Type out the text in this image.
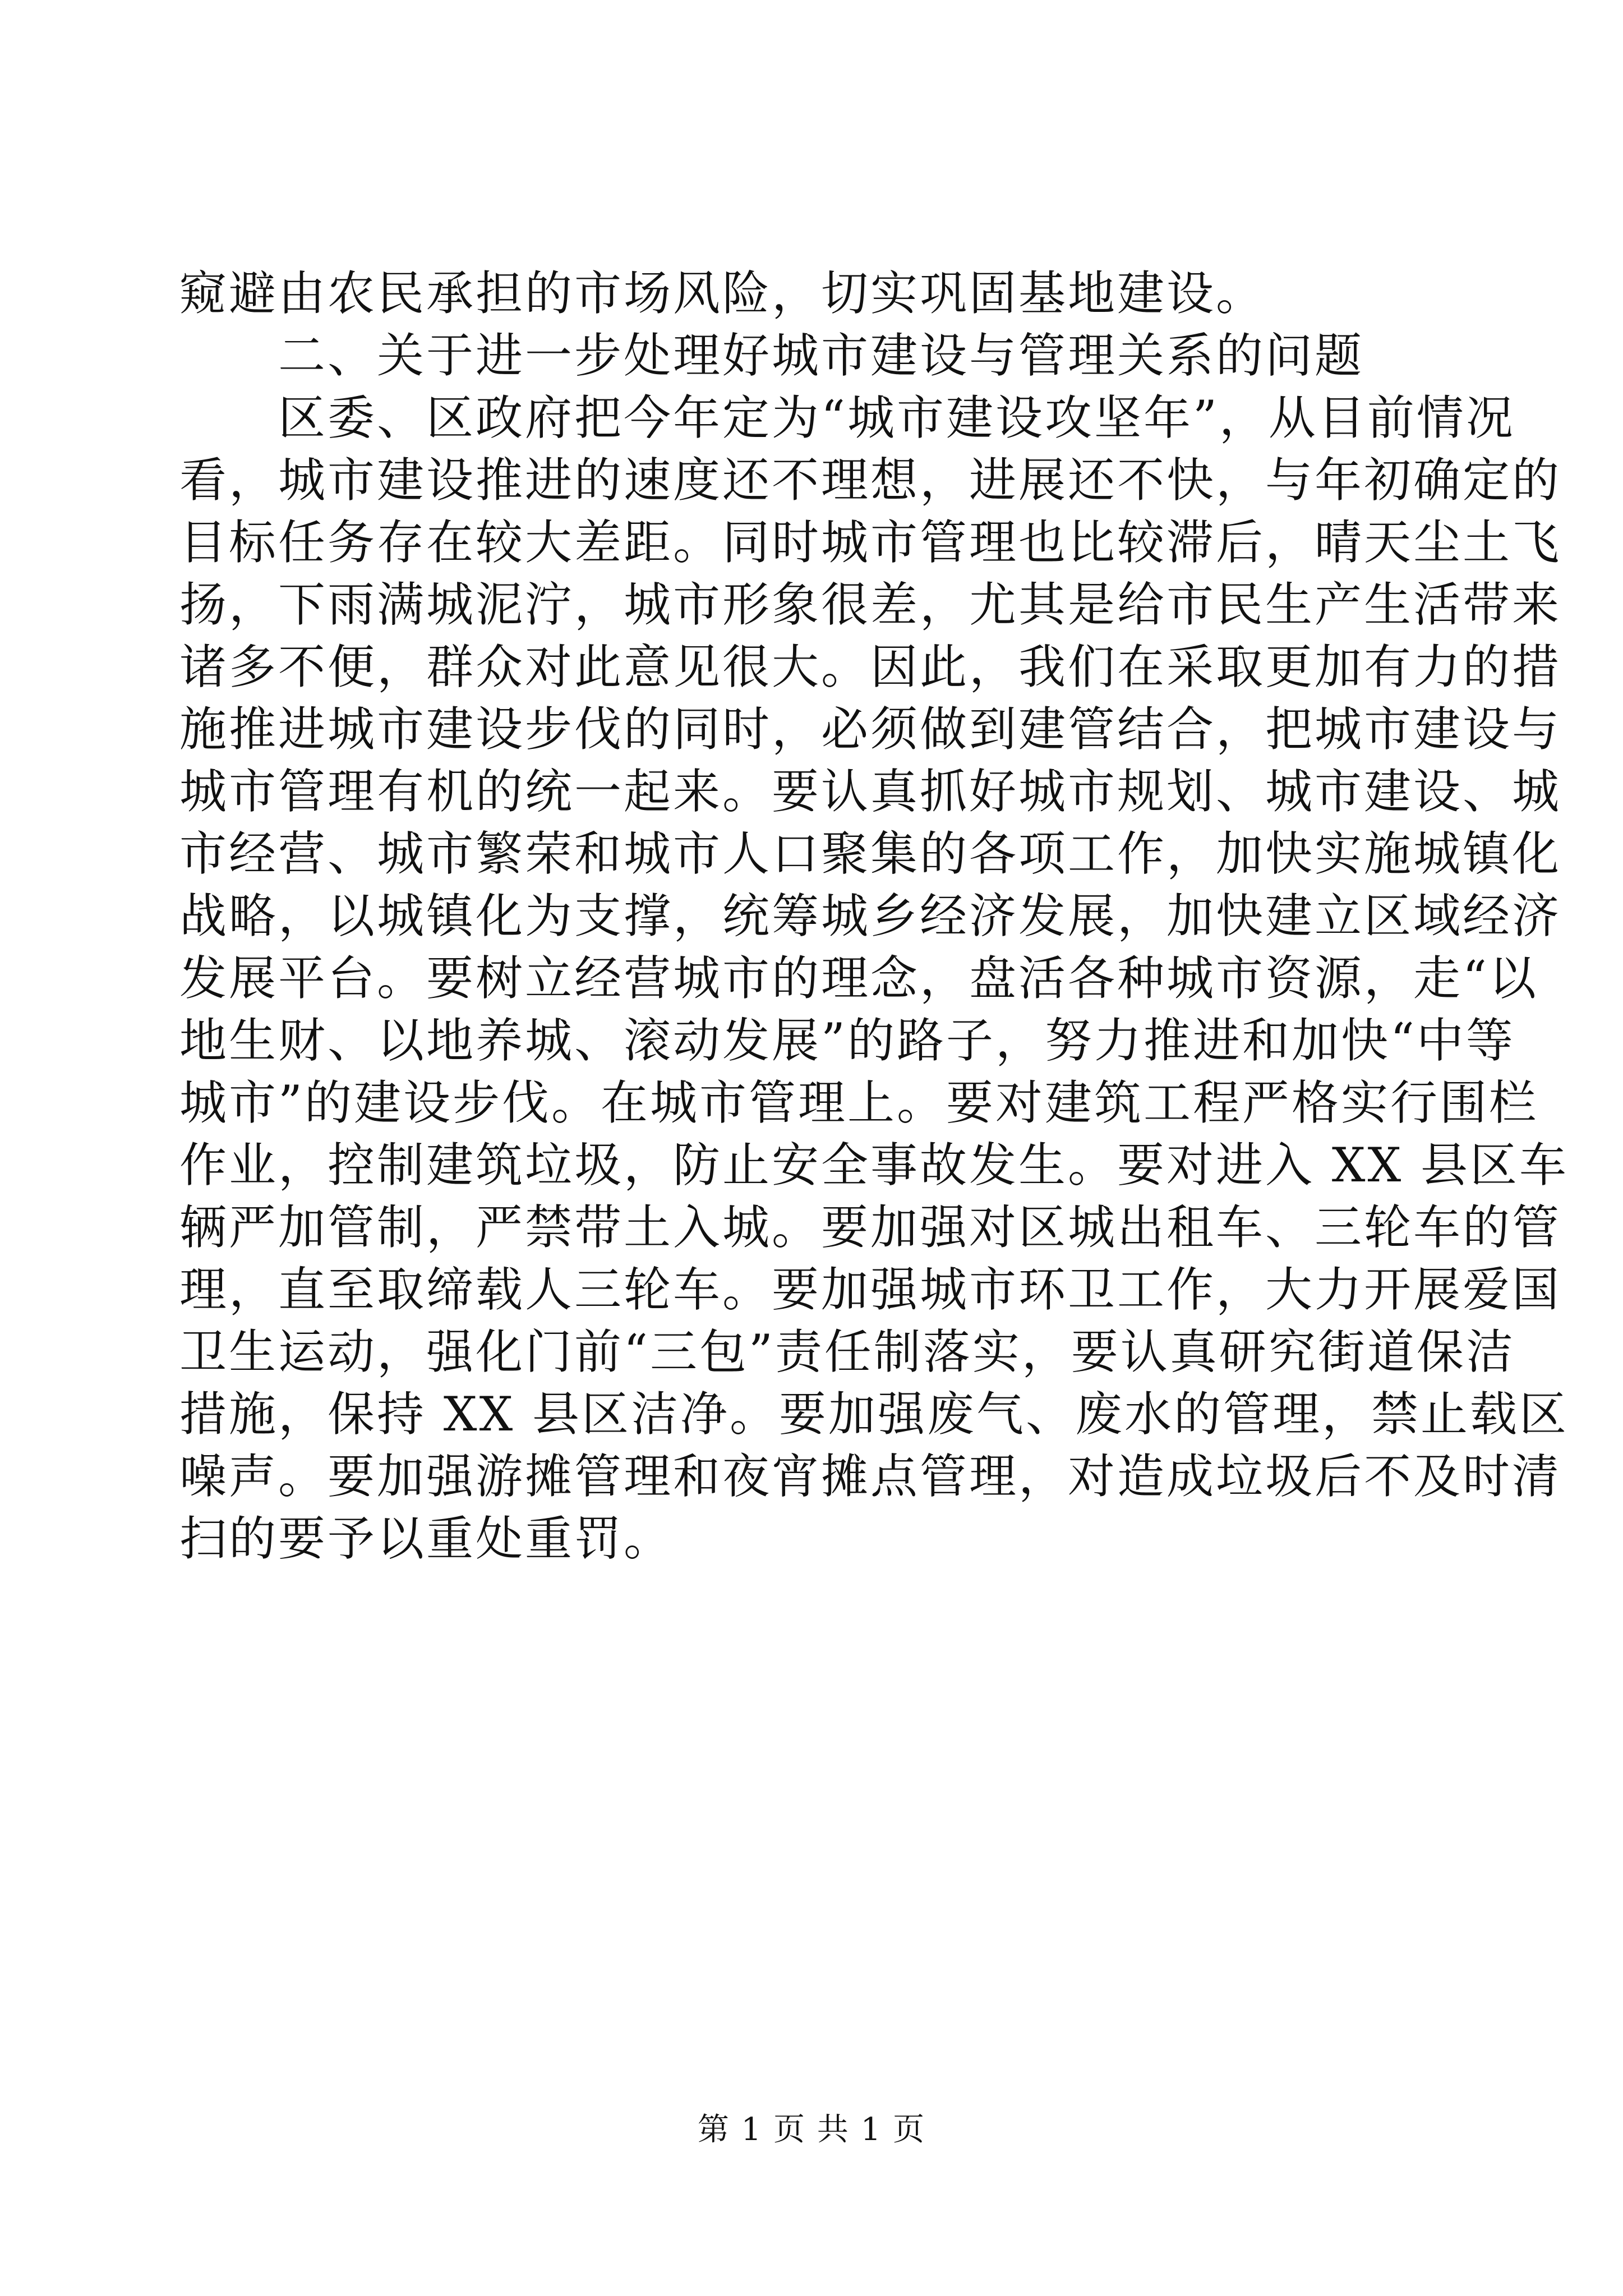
窥避由农民承担的市场风险，切实巩固基地建设。

二、关于进一步处理好城市建设与管理关系的问题

区委、区政府把今年定为“城市建设攻坚年”，从目前情况

看，城市建设推进的速度还不理想，进展还不快，与年初确定的

目标任务存在较大差距。同时城市管理也比较滞后，晴天尘土飞

扬，下雨满城泥泞，城市形象很差，尤其是给市民生产生活带来

诸多不便，群众对此意见很大。因此，我们在采取更加有力的措

施推进城市建设步伐的同时，必须做到建管结合，把城市建设与

城市管理有机的统一起来。要认真抓好城市规划、城市建设、城

市经营、城市繁荣和城市人口聚集的各项工作，加快实施城镇化

战略，以城镇化为支撑，统筹城乡经济发展，加快建立区域经济

发展平台。要树立经营城市的理念，盘活各种城市资源，走“以

地生财、以地养城、滚动发展”的路子，努力推进和加快“中等

城市”的建设步伐。在城市管理上。要对建筑工程严格实行围栏

作业，控制建筑垃圾，防止安全事故发生。要对进入 XX 县区车

辆严加管制，严禁带土入城。要加强对区城出租车、三轮车的管

理，直至取缔载人三轮车。要加强城市环卫工作，大力开展爱国

卫生运动，强化门前“三包”责任制落实，要认真研究街道保洁

措施，保持 XX 县区洁净。要加强废气、废水的管理，禁止载区

噪声。要加强游摊管理和夜宵摊点管理，对造成垃圾后不及时清

扫的要予以重处重罚。

第 1 页 共 1 页
